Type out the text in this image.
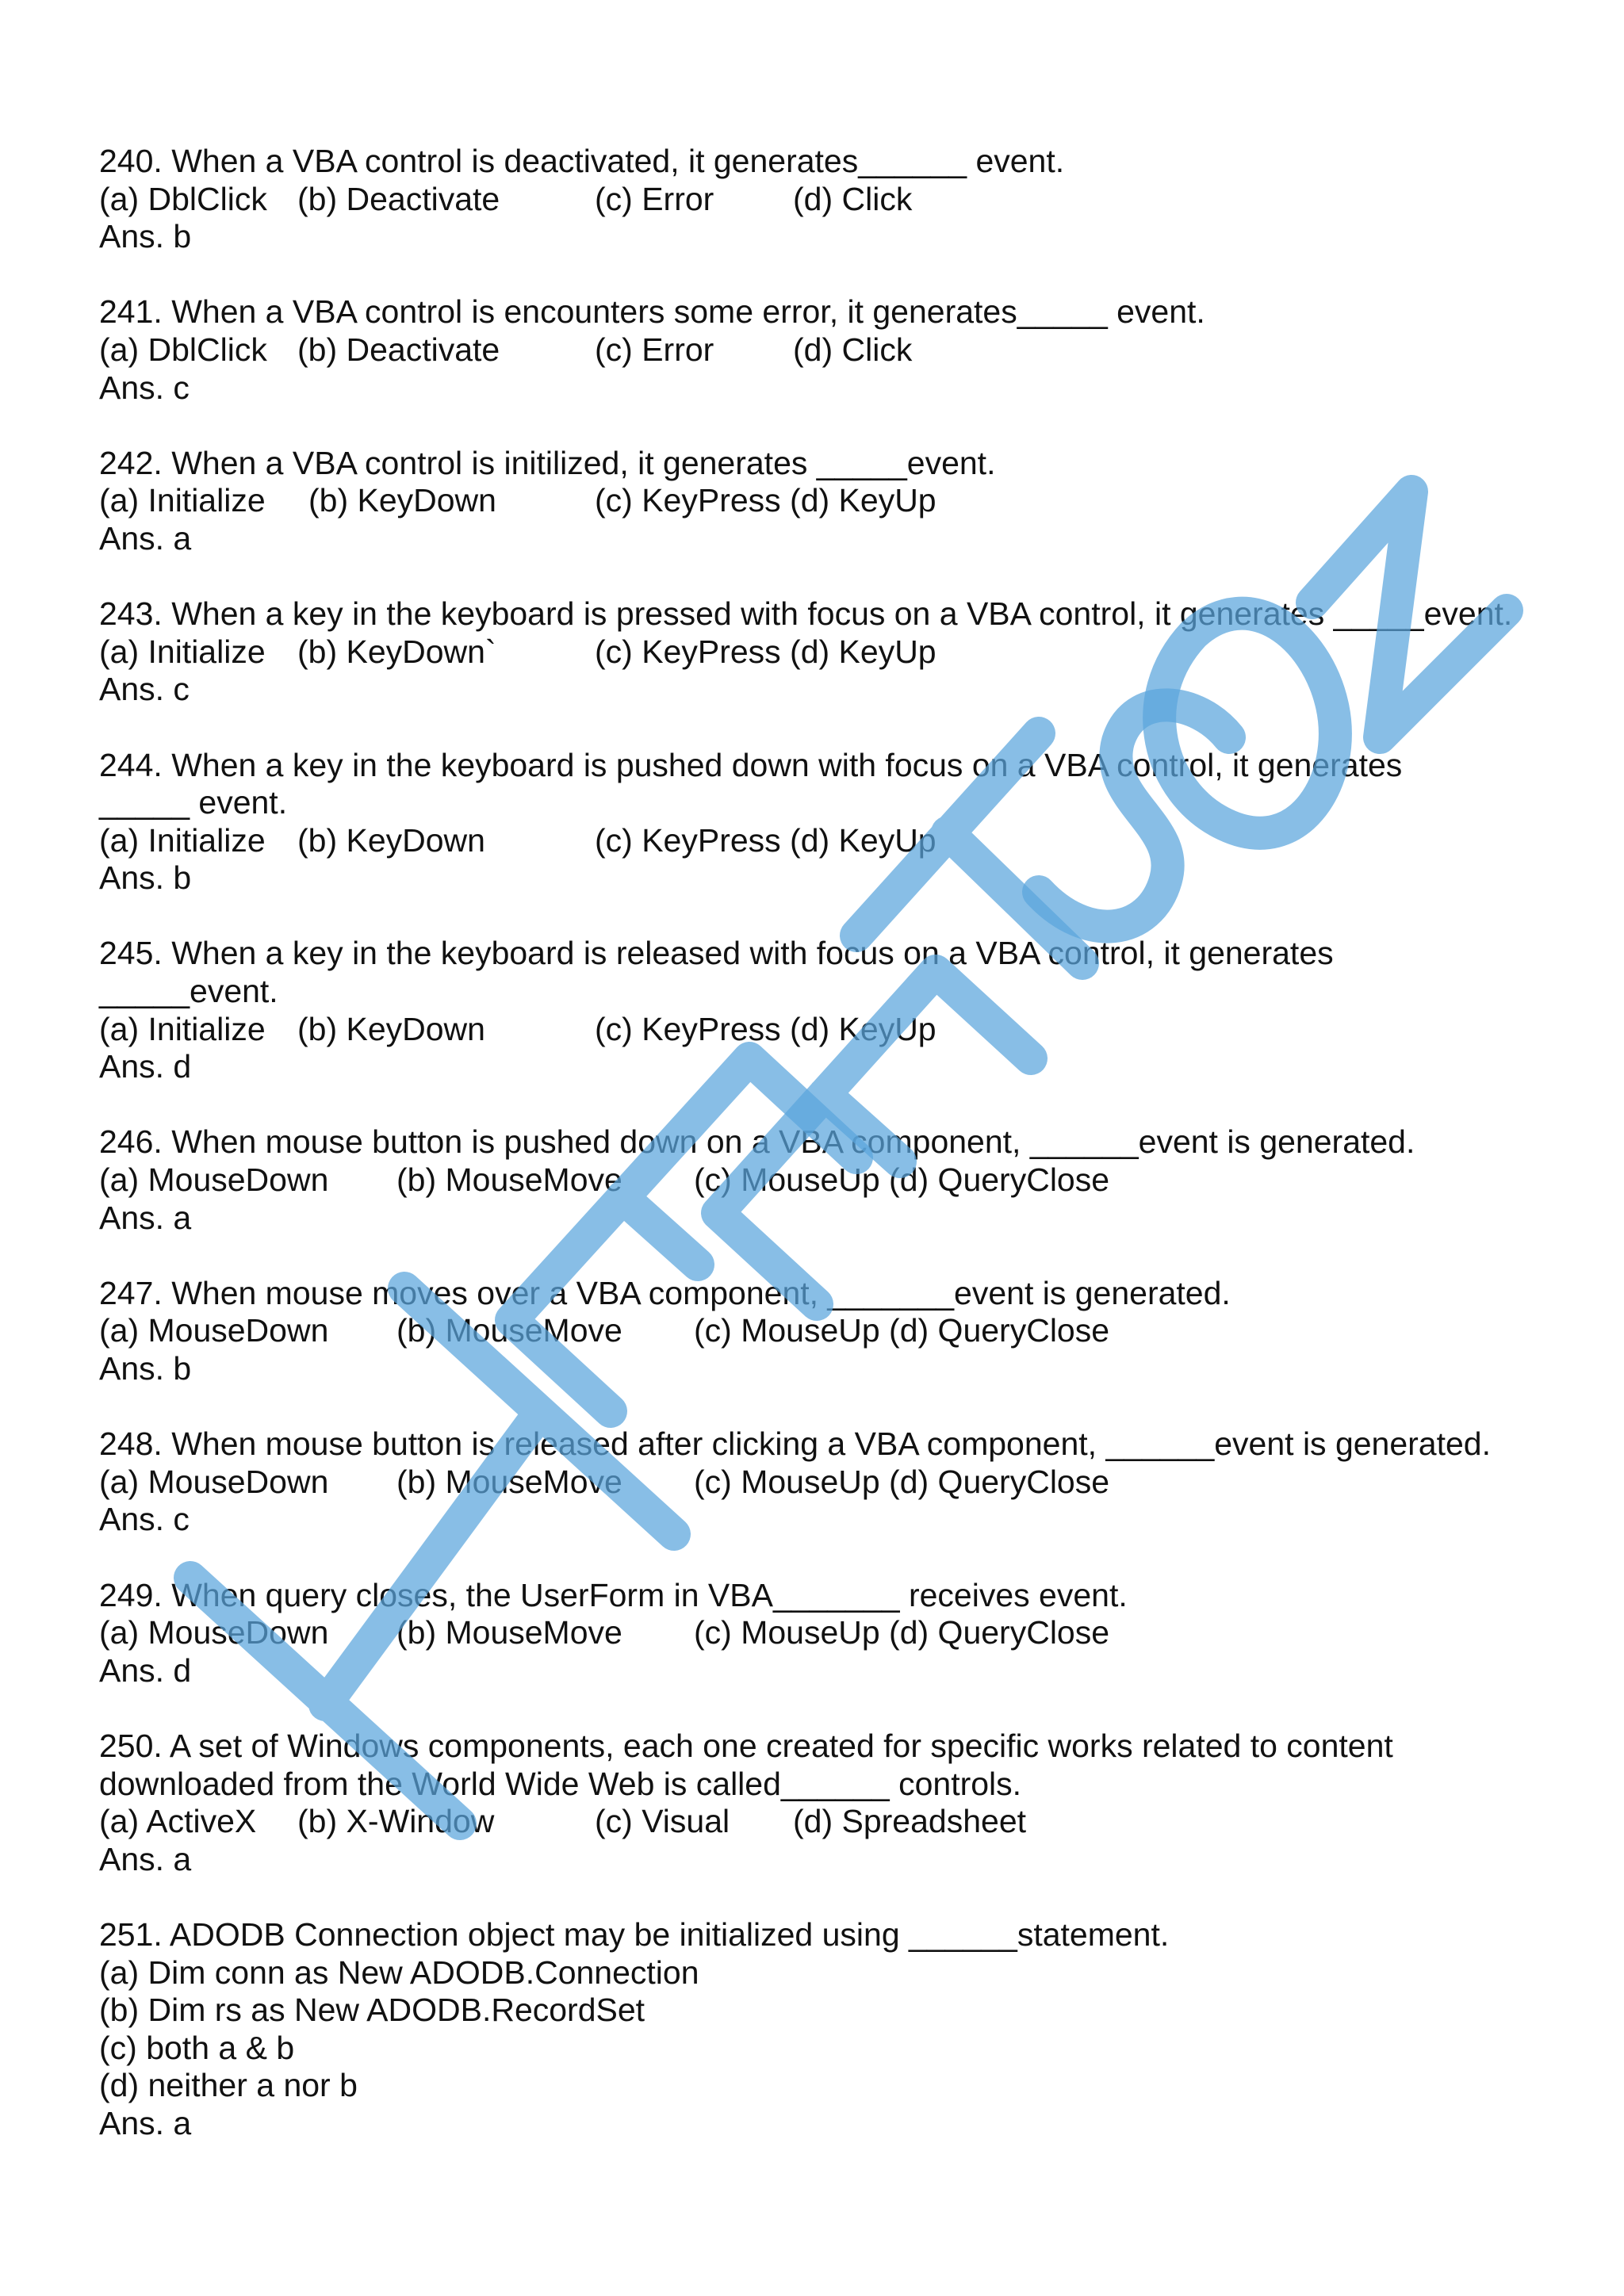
240. When a VBA control is deactivated, it generates______ event.
(a) DblClick (b) Deactivate	(c) Error (d) Click
Ans. b
241. When a VBA control is encounters some error, it generates_____ event.
(a) DblClick (b) Deactivate	(c) Error (d) Click
Ans. c
242. When a VBA control is initilized, it generates _____event.
(a) Initialize (b) KeyDown	(c) KeyPress (d) KeyUp
Ans. a
243. When a key in the keyboard is pressed with focus on a VBA control, it generates _____event.
(a) Initialize (b) KeyDown`	(c) KeyPress (d) KeyUp
Ans. c
244. When a key in the keyboard is pushed down with focus on a VBA control, it generates
_____ event.
(a) Initialize (b) KeyDown	(c) KeyPress (d) KeyUp
Ans. b
245. When a key in the keyboard is released with focus on a VBA control, it generates
_____event.
(a) Initialize (b) KeyDown	(c) KeyPress (d) KeyUp
Ans. d
246. When mouse button is pushed down on a VBA component, ______event is generated.
(a) MouseDown (b) MouseMove (c) MouseUp (d) QueryClose
Ans. a
247. When mouse moves over a VBA component, _______event is generated.
(a) MouseDown (b) MouseMove (c) MouseUp (d) QueryClose
Ans. b
248. When mouse button is released after clicking a VBA component, ______event is generated.
(a) MouseDown (b) MouseMove (c) MouseUp (d) QueryClose
Ans. c
249. When query closes, the UserForm in VBA_______ receives event.
(a) MouseDown (b) MouseMove (c) MouseUp (d) QueryClose
Ans. d
250. A set of Windows components, each one created for specific works related to content
downloaded from the World Wide Web is called______ controls.
(a) ActiveX (b) X-Window	(c) Visual (d) Spreadsheet
Ans. a
251. ADODB Connection object may be initialized using ______statement.
(a) Dim conn as New ADODB.Connection
(b) Dim rs as New ADODB.RecordSet
(c) both a & b
(d) neither a nor b
Ans. a
